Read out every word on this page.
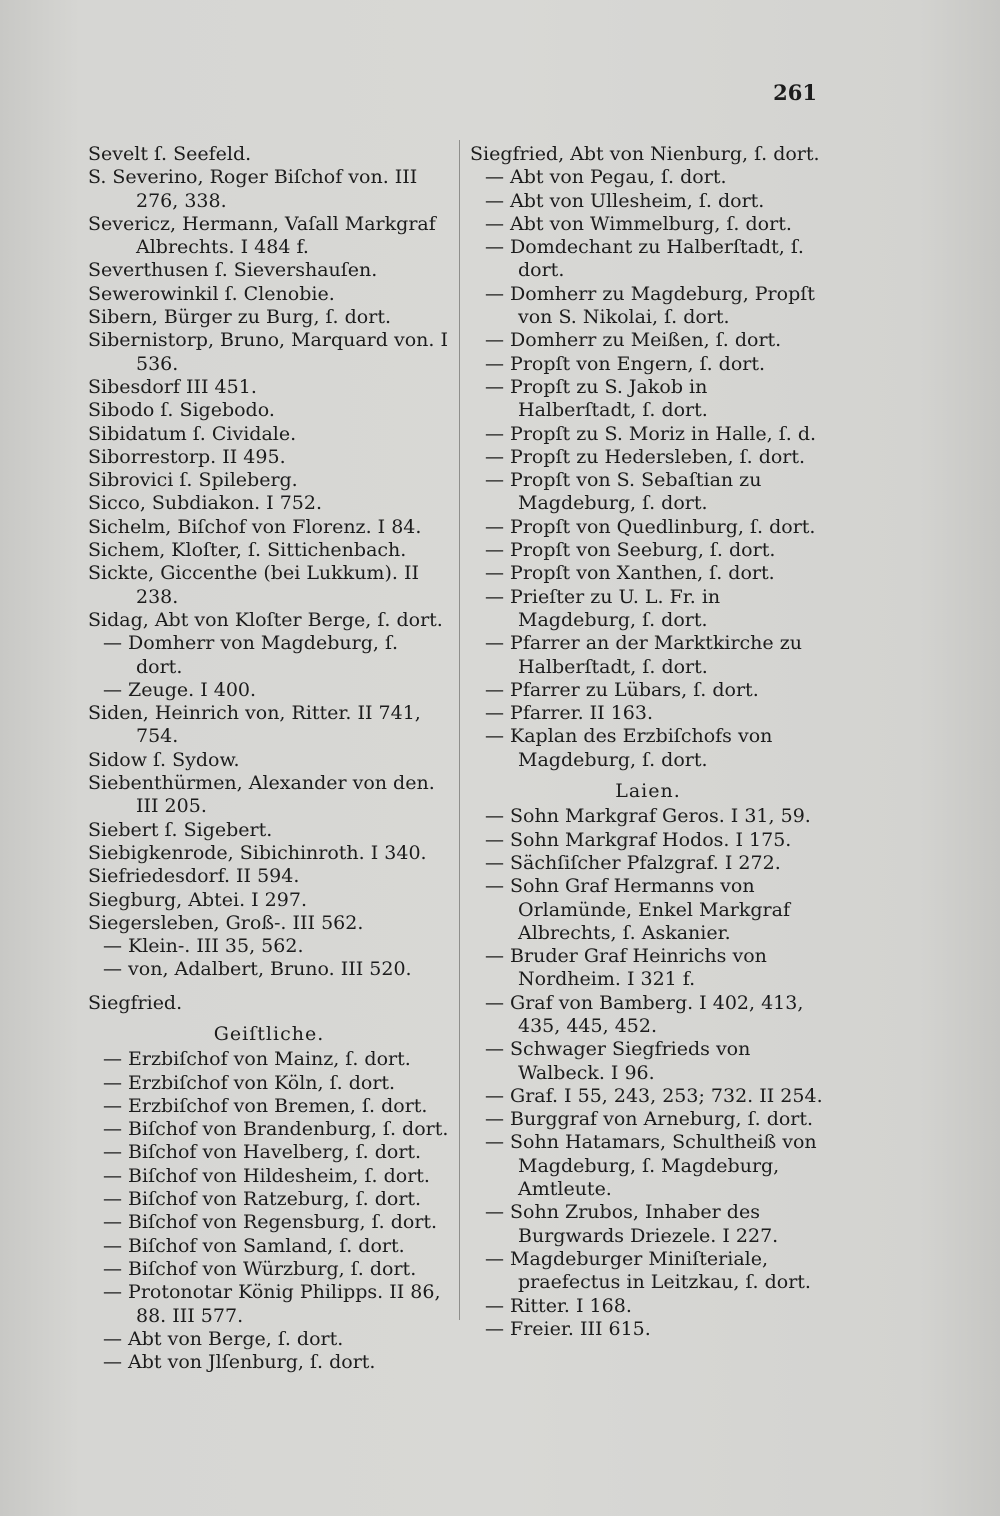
261
Sevelt ſ. Seefeld.
S. Severino, Roger Biſchof von. III 276, 338.
Severicz, Hermann, Vaſall Markgraf Albrechts. I 484 f.
Severthusen ſ. Sievershauſen.
Sewerowinkil ſ. Clenobie.
Sibern, Bürger zu Burg, ſ. dort.
Sibernistorp, Bruno, Marquard von. I 536.
Sibesdorf III 451.
Sibodo ſ. Sigebodo.
Sibidatum ſ. Cividale.
Siborrestorp. II 495.
Sibrovici ſ. Spileberg.
Sicco, Subdiakon. I 752.
Sichelm, Biſchof von Florenz. I 84.
Sichem, Kloſter, ſ. Sittichenbach.
Sickte, Giccenthe (bei Lukkum). II 238.
Sidag, Abt von Kloſter Berge, ſ. dort.
— Domherr von Magdeburg, ſ. dort.
— Zeuge. I 400.
Siden, Heinrich von, Ritter. II 741, 754.
Sidow ſ. Sydow.
Siebenthürmen, Alexander von den. III 205.
Siebert ſ. Sigebert.
Siebigkenrode, Sibichinroth. I 340.
Siefriedesdorf. II 594.
Siegburg, Abtei. I 297.
Siegersleben, Groß-. III 562.
— Klein-. III 35, 562.
— von, Adalbert, Bruno. III 520.
Siegfried.
Geiſtliche.
— Erzbiſchof von Mainz, ſ. dort.
— Erzbiſchof von Köln, ſ. dort.
— Erzbiſchof von Bremen, ſ. dort.
— Biſchof von Brandenburg, ſ. dort.
— Biſchof von Havelberg, ſ. dort.
— Biſchof von Hildesheim, ſ. dort.
— Biſchof von Ratzeburg, ſ. dort.
— Biſchof von Regensburg, ſ. dort.
— Biſchof von Samland, ſ. dort.
— Biſchof von Würzburg, ſ. dort.
— Protonotar König Philipps. II 86, 88. III 577.
— Abt von Berge, ſ. dort.
— Abt von Jlſenburg, ſ. dort.
Siegfried, Abt von Nienburg, ſ. dort.
— Abt von Pegau, ſ. dort.
— Abt von Ullesheim, ſ. dort.
— Abt von Wimmelburg, ſ. dort.
— Domdechant zu Halberſtadt, ſ. dort.
— Domherr zu Magdeburg, Propſt von S. Nikolai, ſ. dort.
— Domherr zu Meißen, ſ. dort.
— Propſt von Engern, ſ. dort.
— Propſt zu S. Jakob in Halberſtadt, ſ. dort.
— Propſt zu S. Moriz in Halle, ſ. d.
— Propſt zu Hedersleben, ſ. dort.
— Propſt von S. Sebaſtian zu Magdeburg, ſ. dort.
— Propſt von Quedlinburg, ſ. dort.
— Propſt von Seeburg, ſ. dort.
— Propſt von Xanthen, ſ. dort.
— Prieſter zu U. L. Fr. in Magdeburg, ſ. dort.
— Pfarrer an der Marktkirche zu Halberſtadt, ſ. dort.
— Pfarrer zu Lübars, ſ. dort.
— Pfarrer. II 163.
— Kaplan des Erzbiſchofs von Magdeburg, ſ. dort.
Laien.
— Sohn Markgraf Geros. I 31, 59.
— Sohn Markgraf Hodos. I 175.
— Sächſiſcher Pfalzgraf. I 272.
— Sohn Graf Hermanns von Orlamünde, Enkel Markgraf Albrechts, ſ. Askanier.
— Bruder Graf Heinrichs von Nordheim. I 321 f.
— Graf von Bamberg. I 402, 413, 435, 445, 452.
— Schwager Siegfrieds von Walbeck. I 96.
— Graf. I 55, 243, 253; 732. II 254.
— Burggraf von Arneburg, ſ. dort.
— Sohn Hatamars, Schultheiß von Magdeburg, ſ. Magdeburg, Amtleute.
— Sohn Zrubos, Inhaber des Burgwards Driezele. I 227.
— Magdeburger Miniſteriale, praefectus in Leitzkau, ſ. dort.
— Ritter. I 168.
— Freier. III 615.
